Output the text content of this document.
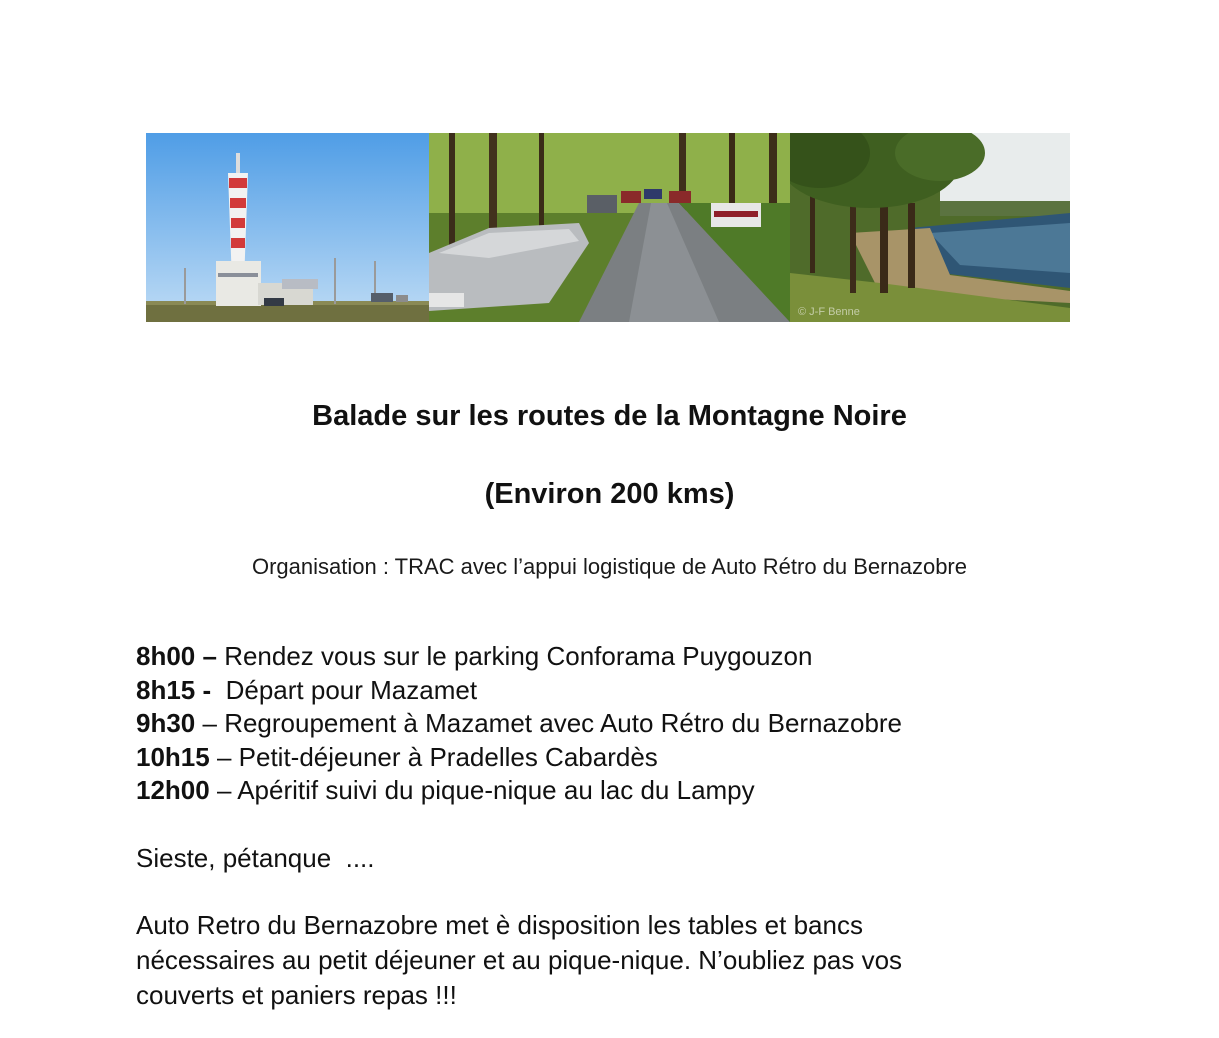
© J-F Benne
Balade sur les routes de la Montagne Noire
(Environ 200 kms)
Organisation : TRAC avec l’appui logistique de Auto Rétro du Bernazobre
8h00 – Rendez vous sur le parking Conforama Puygouzon
8h15 -  Départ pour Mazamet
9h30 – Regroupement à Mazamet avec Auto Rétro du Bernazobre
10h15 – Petit-déjeuner à Pradelles Cabardès
12h00 – Apéritif suivi du pique-nique au lac du Lampy
Sieste, pétanque  ....
Auto Retro du Bernazobre met è disposition les tables et bancs
nécessaires au petit déjeuner et au pique-nique. N’oubliez pas vos
couverts et paniers repas !!!
